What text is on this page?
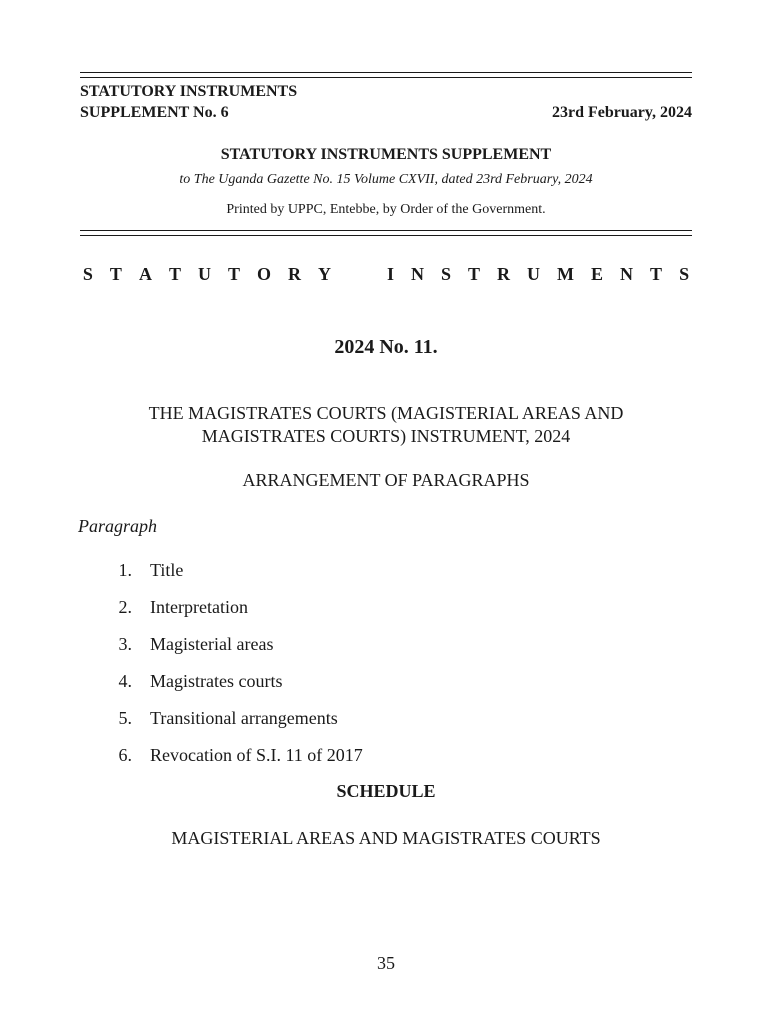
STATUTORY INSTRUMENTS
SUPPLEMENT No. 6	23rd February, 2024
STATUTORY INSTRUMENTS SUPPLEMENT
to The Uganda Gazette No. 15 Volume CXVII, dated 23rd February, 2024
Printed by UPPC, Entebbe, by Order of the Government.
S T A T U T O R Y	I N S T R U M E N T S
2024 No. 11.
THE MAGISTRATES COURTS (MAGISTERIAL AREAS AND
MAGISTRATES COURTS) INSTRUMENT, 2024
ARRANGEMENT OF PARAGRAPHS
Paragraph
1. Title
2. Interpretation
3. Magisterial areas
4. Magistrates courts
5. Transitional arrangements
6. Revocation of S.I. 11 of 2017
SCHEDULE
MAGISTERIAL AREAS AND MAGISTRATES COURTS
35
